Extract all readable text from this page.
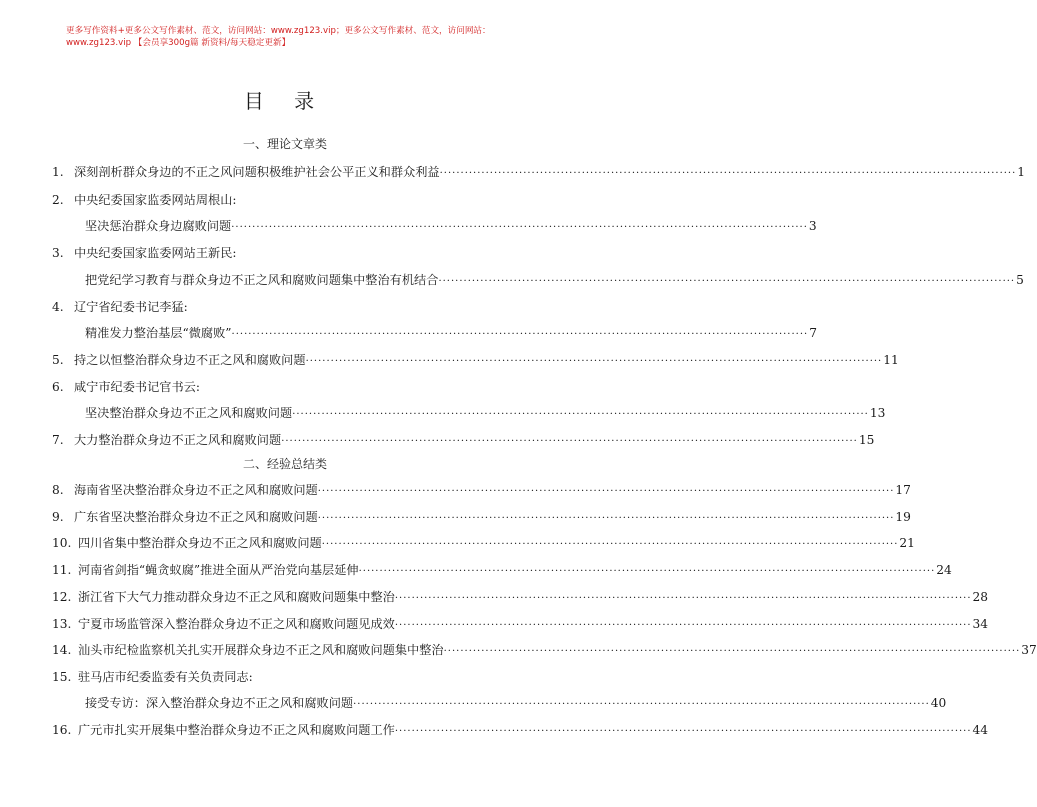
更多写作资料+更多公文写作素材、范文，访问网站：www.zg123.vip；更多公文写作素材、范文，访问网站：
www.zg123.vip 【会员享300g篇 新资料/每天稳定更新】
目 录
一、理论文章类
1. 深刻剖析群众身边的不正之风问题积极维护社会公平正义和群众利益 ·····	1
2. 中央纪委国家监委网站周根山:
坚决惩治群众身边腐败问题 ·····	3
3. 中央纪委国家监委网站王新民:
把党纪学习教育与群众身边不正之风和腐败问题集中整治有机结合 ·····	5
4. 辽宁省纪委书记李猛:
精准发力整治基层“微腐败” ·····	7
5. 持之以恒整治群众身边不正之风和腐败问题 ·····	11
6. 咸宁市纪委书记官书云:
坚决整治群众身边不正之风和腐败问题 ·····	13
7. 大力整治群众身边不正之风和腐败问题 ·····	15
二、经验总结类
8. 海南省坚决整治群众身边不正之风和腐败问题 ·····	17
9. 广东省坚决整治群众身边不正之风和腐败问题 ·····	19
10. 四川省集中整治群众身边不正之风和腐败问题 ·····	21
11. 河南省剑指“蝇贪蚁腐”推进全面从严治党向基层延伸 ·····	24
12. 浙江省下大气力推动群众身边不正之风和腐败问题集中整治 ·····	28
13. 宁夏市场监管深入整治群众身边不正之风和腐败问题见成效 ·····	34
14. 汕头市纪检监察机关扎实开展群众身边不正之风和腐败问题集中整治 ·····	37
15. 驻马店市纪委监委有关负责同志:
接受专访：深入整治群众身边不正之风和腐败问题 ·····	40
16. 广元市扎实开展集中整治群众身边不正之风和腐败问题工作 ·····	44
